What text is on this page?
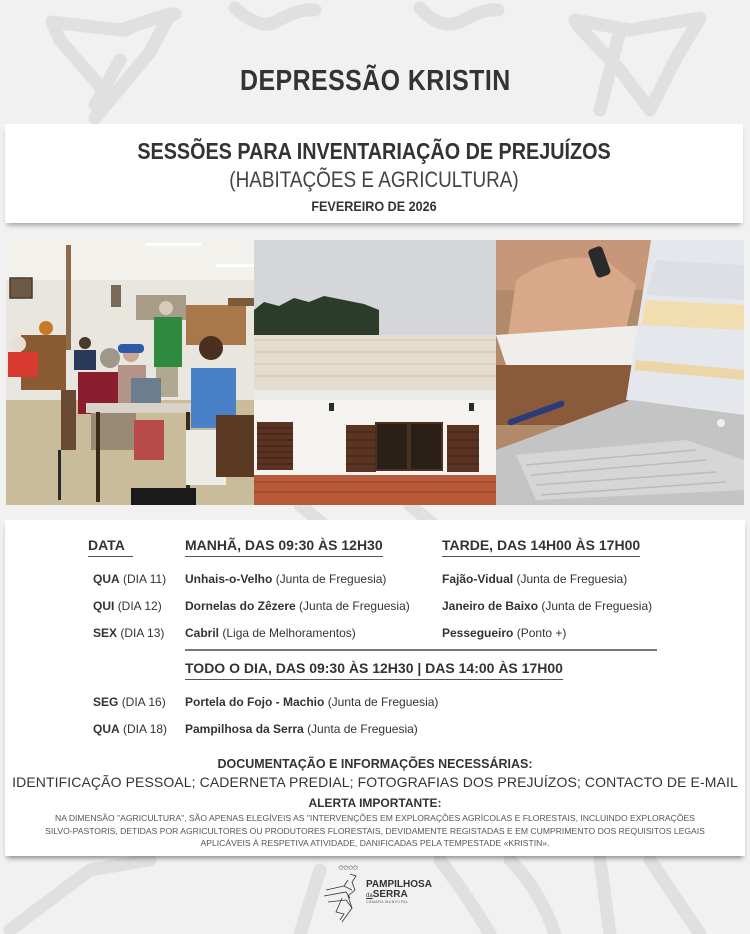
DEPRESSÃO KRISTIN
SESSÕES PARA INVENTARIAÇÃO DE PREJUÍZOS
(HABITAÇÕES E AGRICULTURA)
FEVEREIRO DE 2026
DATA	MANHÃ, DAS 09:30 ÀS 12H30	TARDE, DAS 14H00 ÀS 17H00
QUA (DIA 11) Unhais-o-Velho (Junta de Freguesia)	Fajão-Vidual (Junta de Freguesia)
QUI (DIA 12) Dornelas do Zêzere (Junta de Freguesia)	Janeiro de Baixo (Junta de Freguesia)
SEX (DIA 13) Cabril (Liga de Melhoramentos)	Pessegueiro (Ponto +)
TODO O DIA, DAS 09:30 ÀS 12H30 | DAS 14:00 ÀS 17H00
SEG (DIA 16) Portela do Fojo - Machio (Junta de Freguesia)
QUA (DIA 18) Pampilhosa da Serra (Junta de Freguesia)
DOCUMENTAÇÃO E INFORMAÇÕES NECESSÁRIAS:
IDENTIFICAÇÃO PESSOAL; CADERNETA PREDIAL; FOTOGRAFIAS DOS PREJUÍZOS; CONTACTO DE E-MAIL
ALERTA IMPORTANTE:
NA DIMENSÃO "AGRICULTURA", SÃO APENAS ELEGÍVEIS AS "INTERVENÇÕES EM EXPLORAÇÕES AGRÍCOLAS E FLORESTAIS, INCLUINDO EXPLORAÇÕES SILVO-PASTORIS, DETIDAS POR AGRICULTORES OU PRODUTORES FLORESTAIS, DEVIDAMENTE REGISTADAS E EM CUMPRIMENTO DOS REQUISITOS LEGAIS APLICÁVEIS À RESPETIVA ATIVIDADE, DANIFICADAS PELA TEMPESTADE «KRISTIN».
✩✩✩✩
PAMPILHOSA
daSERRA
CÂMARA MUNICIPAL
